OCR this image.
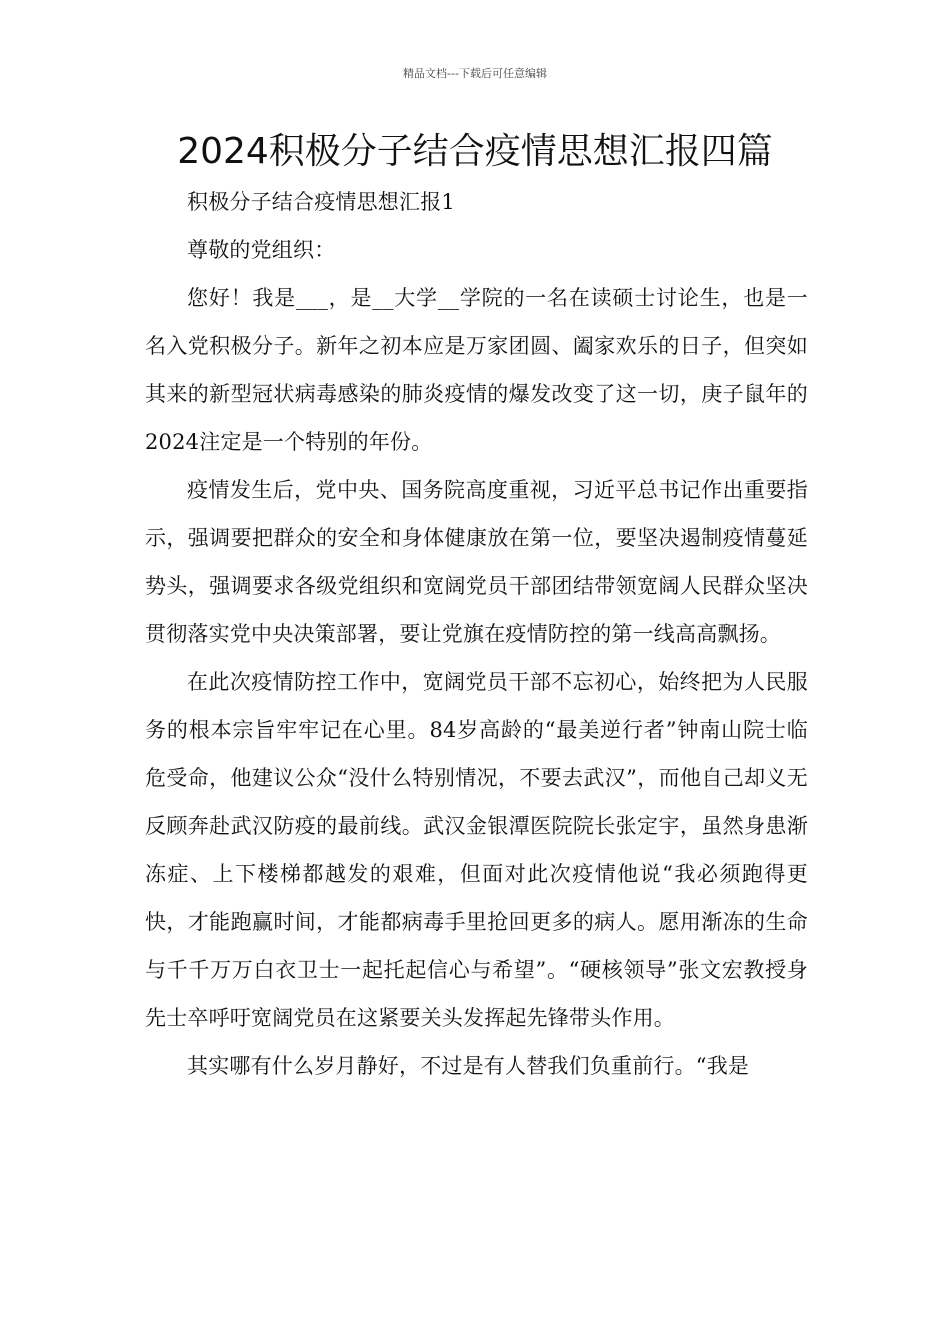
精品文档---下载后可任意编辑
2024积极分子结合疫情思想汇报四篇

积极分子结合疫情思想汇报1

尊敬的党组织：

您好！我是___，是__大学__学院的一名在读硕士讨论生，也是一名入党积极分子。新年之初本应是万家团圆、阖家欢乐的日子，但突如其来的新型冠状病毒感染的肺炎疫情的爆发改变了这一切，庚子鼠年的2024注定是一个特别的年份。

疫情发生后，党中央、国务院高度重视，习近平总书记作出重要指示，强调要把群众的安全和身体健康放在第一位，要坚决遏制疫情蔓延势头，强调要求各级党组织和宽阔党员干部团结带领宽阔人民群众坚决贯彻落实党中央决策部署，要让党旗在疫情防控的第一线高高飘扬。

在此次疫情防控工作中，宽阔党员干部不忘初心，始终把为人民服务的根本宗旨牢牢记在心里。84岁高龄的“最美逆行者”钟南山院士临危受命，他建议公众“没什么特别情况，不要去武汉”，而他自己却义无反顾奔赴武汉防疫的最前线。武汉金银潭医院院长张定宇，虽然身患渐冻症、上下楼梯都越发的艰难，但面对此次疫情他说“我必须跑得更快，才能跑赢时间，才能都病毒手里抢回更多的病人。愿用渐冻的生命与千千万万白衣卫士一起托起信心与希望”。“硬核领导”张文宏教授身先士卒呼吁宽阔党员在这紧要关头发挥起先锋带头作用。

其实哪有什么岁月静好，不过是有人替我们负重前行。“我是
